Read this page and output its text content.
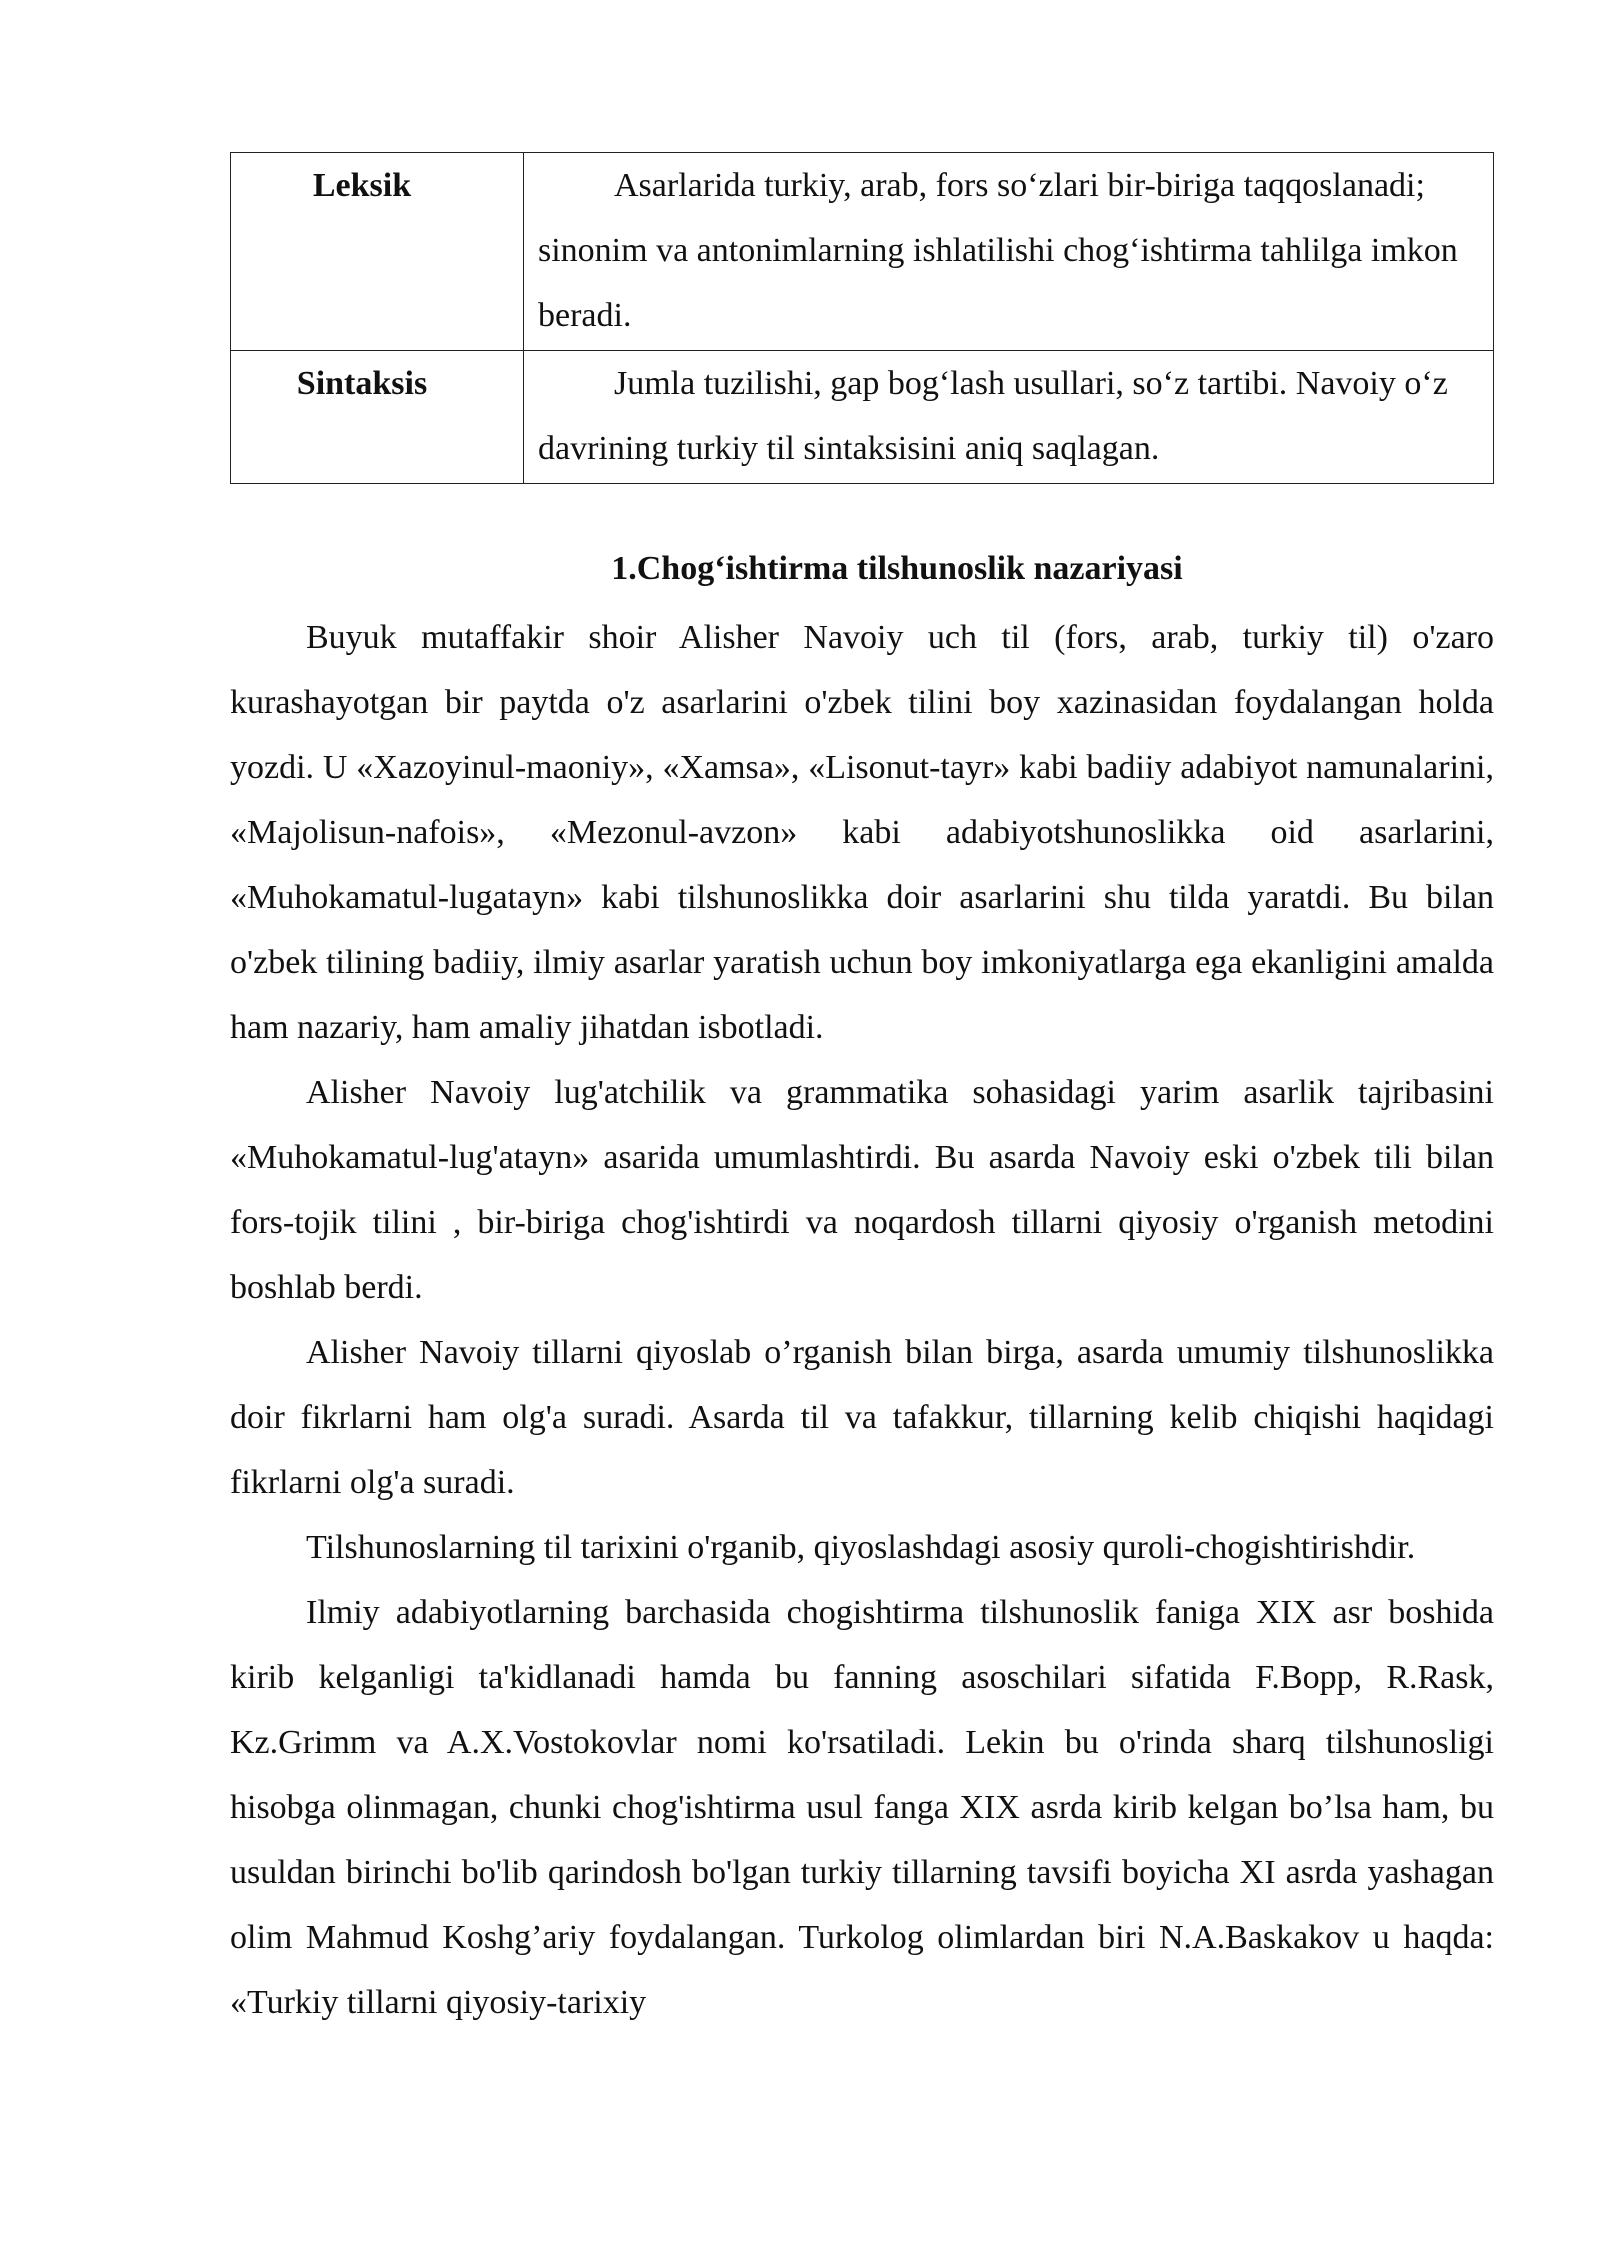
Leksik	Asarlarida turkiy, arab, fors so‘zlari bir-biriga taqqoslanadi; sinonim va antonimlarning ishlatilishi chog‘ishtirma tahlilga imkon beradi.
Sintaksis	Jumla tuzilishi, gap bog‘lash usullari, so‘z tartibi. Navoiy o‘z davrining turkiy til sintaksisini aniq saqlagan.
1.Chog‘ishtirma tilshunoslik nazariyasi

Buyuk mutaffakir shoir Alisher Navoiy uch til (fors, arab, turkiy til) o'zaro kurashayotgan bir paytda o'z asarlarini o'zbek tilini boy xazinasidan foydalangan holda yozdi. U «Xazoyinul-maoniy», «Xamsa», «Lisonut-tayr» kabi badiiy adabiyot namunalarini, «Majolisun-nafois», «Mezonul-avzon» kabi adabiyotshunoslikka oid asarlarini, «Muhokamatul-lugatayn» kabi tilshunoslikka doir asarlarini shu tilda yaratdi. Bu bilan o'zbek tilining badiiy, ilmiy asarlar yaratish uchun boy imkoniyatlarga ega ekanligini amalda ham nazariy, ham amaliy jihatdan isbotladi.

Alisher Navoiy lug'atchilik va grammatika sohasidagi yarim asarlik tajribasini «Muhokamatul-lug'atayn» asarida umumlashtirdi. Bu asarda Navoiy eski o'zbek tili bilan fors-tojik tilini , bir-biriga chog'ishtirdi va noqardosh tillarni qiyosiy o'rganish metodini boshlab berdi.

Alisher Navoiy tillarni qiyoslab o’rganish bilan birga, asarda umumiy tilshunoslikka doir fikrlarni ham olg'a suradi. Asarda til va tafakkur, tillarning kelib chiqishi haqidagi fikrlarni olg'a suradi.

Tilshunoslarning til tarixini o'rganib, qiyoslashdagi asosiy quroli-chogishtirishdir.

Ilmiy adabiyotlarning barchasida chogishtirma tilshunoslik faniga XIX asr boshida kirib kelganligi ta'kidlanadi hamda bu fanning asoschilari sifatida F.Bopp, R.Rask, Kz.Grimm va A.X.Vostokovlar nomi ko'rsatiladi. Lekin bu o'rinda sharq tilshunosligi hisobga olinmagan, chunki chog'ishtirma usul fanga XIX asrda kirib kelgan bo’lsa ham, bu usuldan birinchi bo'lib qarindosh bo'lgan turkiy tillarning tavsifi boyicha XI asrda yashagan olim Mahmud Koshg’ariy foydalangan. Turkolog olimlardan biri N.A.Baskakov u haqda: «Turkiy tillarni qiyosiy-tarixiy
